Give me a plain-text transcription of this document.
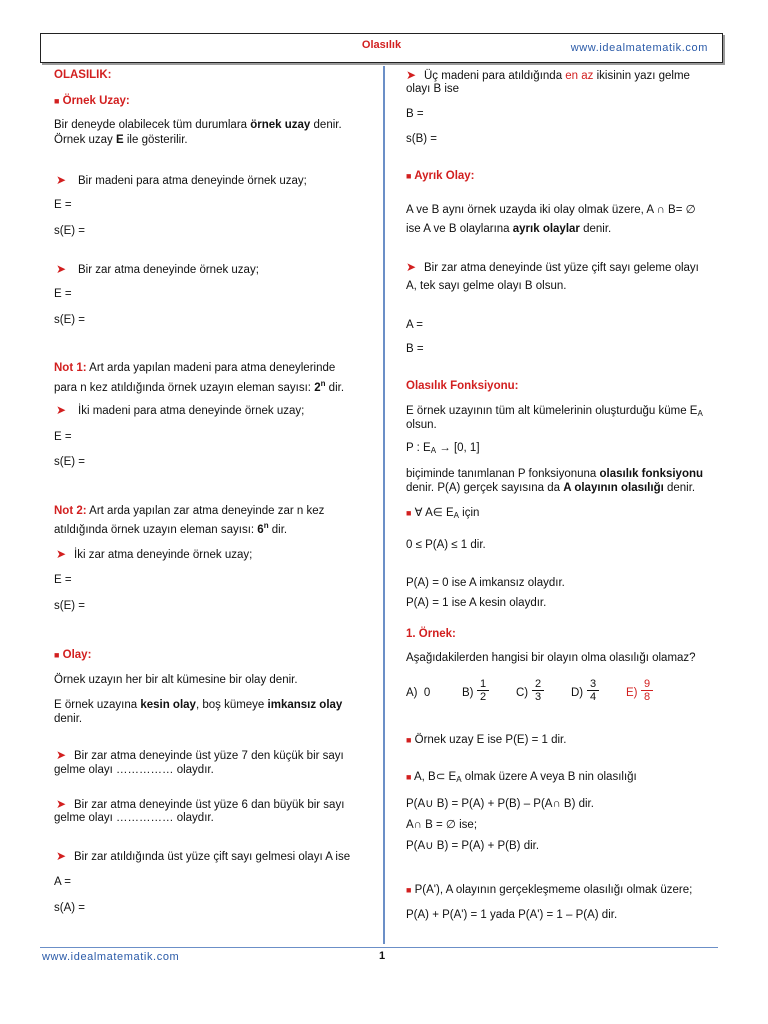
Olasılık	www.idealmatematik.com
OLASILIK:
■ Örnek Uzay:
Bir deneyde olabilecek tüm durumlara örnek uzay denir.
Örnek uzay E ile gösterilir.
➤ Bir madeni para atma deneyinde örnek uzay;
E =
s(E) =
➤ Bir zar atma deneyinde örnek uzay;
E =
s(E) =
Not 1: Art arda yapılan madeni para atma deneylerinde
para n kez atıldığında örnek uzayın eleman sayısı: 2$^n$ dir.
➤ İki madeni para atma deneyinde örnek uzay;
E =
s(E) =
Not 2: Art arda yapılan zar atma deneyinde zar n kez
atıldığında örnek uzayın eleman sayısı: 6$^n$ dir.
➤ İki zar atma deneyinde örnek uzay;
E =
s(E) =
■ Olay:
Örnek uzayın her bir alt kümesine bir olay denir.
E örnek uzayına kesin olay, boş kümeye imkansız olay
denir.
➤ Bir zar atma deneyinde üst yüze 7 den küçük bir sayı
gelme olayı …………… olaydır.
➤ Bir zar atma deneyinde üst yüze 6 dan büyük bir sayı
gelme olayı …………… olaydır.
➤ Bir zar atıldığında üst yüze çift sayı gelmesi olayı A ise
A =
s(A) =
➤ Üç madeni para atıldığında en az ikisinin yazı gelme
olayı B ise
B =
s(B) =
■ Ayrık Olay:
A ve B aynı örnek uzayda iki olay olmak üzere, A ∩ B= ∅
ise A ve B olaylarına ayrık olaylar denir.
➤ Bir zar atma deneyinde üst yüze çift sayı geleme olayı
A, tek sayı gelme olayı B olsun.
A =
B =
Olasılık Fonksiyonu:
E örnek uzayının tüm alt kümelerinin oluşturduğu küme $E_A$
olsun.
P : $E_A \to [0$, 1]
biçiminde tanımlanan P fonksiyonuna olasılık fonksiyonu
denir. P(A) gerçek sayısına da A olayının olasılığı denir.
■ ∀ A∈ $E_A$ için
0 ≤ P(A) ≤ 1 dir.
P(A) = 0 ise A imkansız olaydır.
P(A) = 1 ise A kesin olaydır.
1. Örnek:
Aşağıdakilerden hangisi bir olayın olma olasılığı olamaz?
A) 0	$B) \frac{1}{2} C) \frac{2}{3} D) \frac{3}{4} E) \frac{9}{8}$
■ Örnek uzay E ise P(E) = 1 dir.
■ A, B⊂ $E_A$ olmak üzere A veya B nin olasılığı
P(A∪ B) = P(A) + P(B) – P(A∩ B) dir.
A∩ B = ∅ ise;
P(A∪ B) = P(A) + P(B) dir.
■ P(A'), A olayının gerçekleşmeme olasılığı olmak üzere;
P(A) + P(A') = 1 yada P(A') = 1 – P(A) dir.
www.idealmatematik.com	1
